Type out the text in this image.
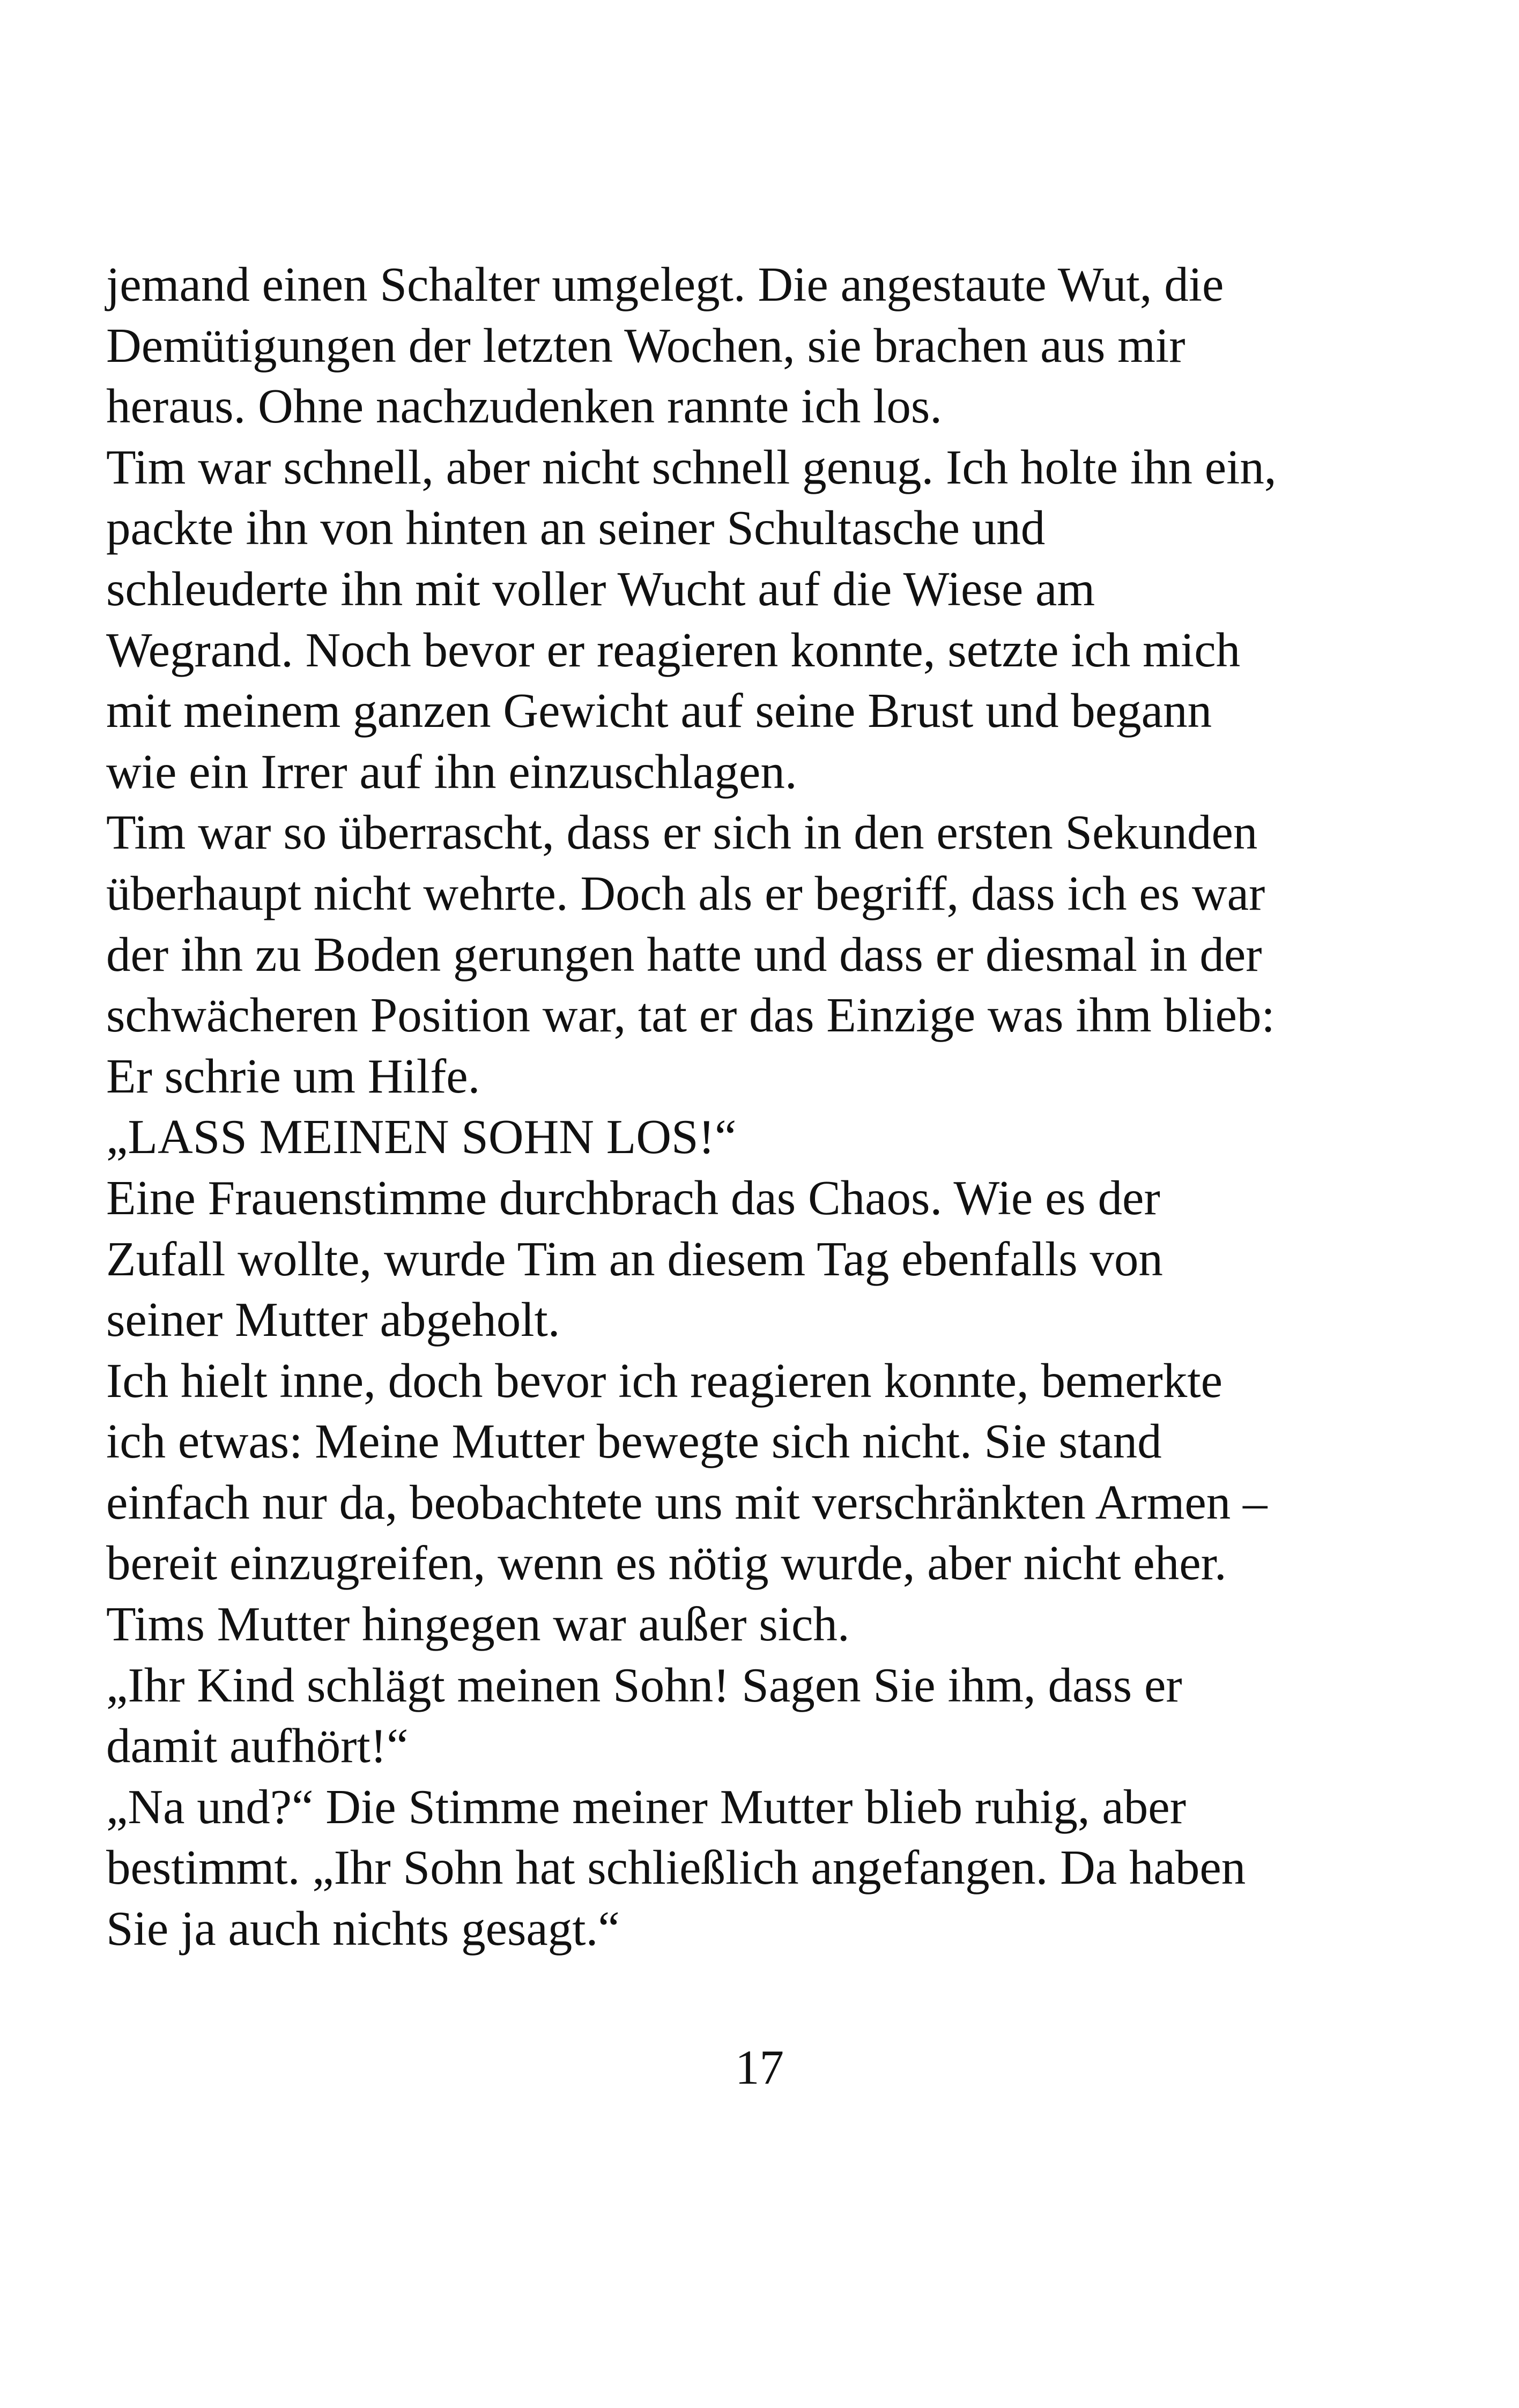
jemand einen Schalter umgelegt. Die angestaute Wut, die
Demütigungen der letzten Wochen, sie brachen aus mir
heraus. Ohne nachzudenken rannte ich los.
Tim war schnell, aber nicht schnell genug. Ich holte ihn ein,
packte ihn von hinten an seiner Schultasche und
schleuderte ihn mit voller Wucht auf die Wiese am
Wegrand. Noch bevor er reagieren konnte, setzte ich mich
mit meinem ganzen Gewicht auf seine Brust und begann
wie ein Irrer auf ihn einzuschlagen.
Tim war so überrascht, dass er sich in den ersten Sekunden
überhaupt nicht wehrte. Doch als er begriff, dass ich es war
der ihn zu Boden gerungen hatte und dass er diesmal in der
schwächeren Position war, tat er das Einzige was ihm blieb:
Er schrie um Hilfe.
„LASS MEINEN SOHN LOS!“
Eine Frauenstimme durchbrach das Chaos. Wie es der
Zufall wollte, wurde Tim an diesem Tag ebenfalls von
seiner Mutter abgeholt.
Ich hielt inne, doch bevor ich reagieren konnte, bemerkte
ich etwas: Meine Mutter bewegte sich nicht. Sie stand
einfach nur da, beobachtete uns mit verschränkten Armen –
bereit einzugreifen, wenn es nötig wurde, aber nicht eher.
Tims Mutter hingegen war außer sich.
„Ihr Kind schlägt meinen Sohn! Sagen Sie ihm, dass er
damit aufhört!“
„Na und?“ Die Stimme meiner Mutter blieb ruhig, aber
bestimmt. „Ihr Sohn hat schließlich angefangen. Da haben
Sie ja auch nichts gesagt.“
17
